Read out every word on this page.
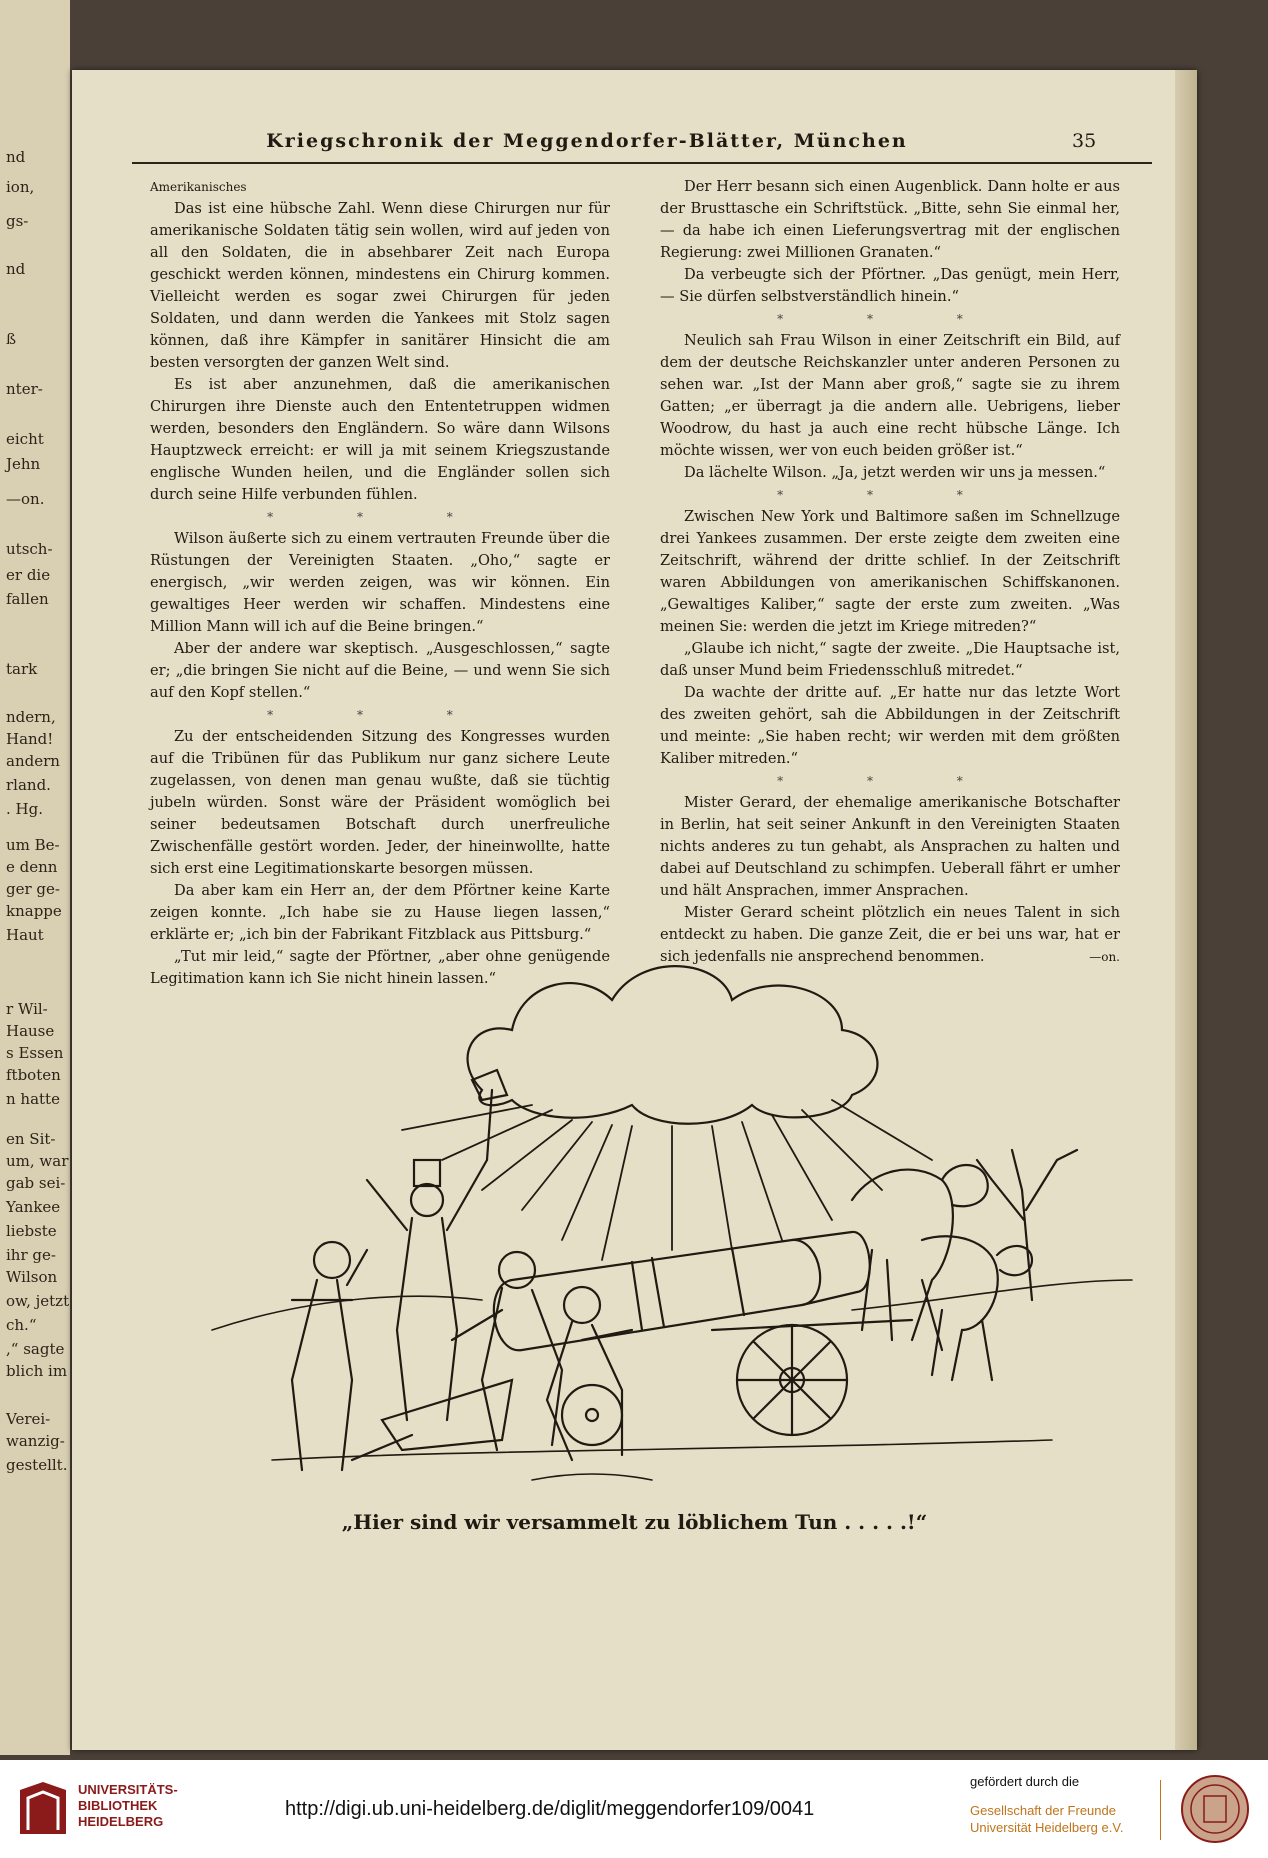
nd
ion,
gs-
nd
ß
nter-
eicht
Jehn
—on.
utsch-
er die
fallen
tark
ndern,
Hand!
andern
rland.
. Hg.
um Be-
e denn
ger ge-
knappe
Haut
r Wil-
Hause
s Essen
ftboten
n hatte
en Sit-
um, war
gab sei-
Yankee
liebste
ihr ge-
Wilson
ow, jetzt
ch.“
,“ sagte
blich im
Verei-
wanzig-
gestellt.
Kriegschronik der Meggendorfer-Blätter, München	35

Amerikanisches

Das ist eine hübsche Zahl. Wenn diese Chirurgen nur für amerikanische Soldaten tätig sein wollen, wird auf jeden von all den Soldaten, die in absehbarer Zeit nach Europa geschickt werden können, mindestens ein Chirurg kommen. Vielleicht werden es sogar zwei Chirurgen für jeden Soldaten, und dann werden die Yankees mit Stolz sagen können, daß ihre Kämpfer in sanitärer Hinsicht die am besten versorgten der ganzen Welt sind.

Es ist aber anzunehmen, daß die amerikanischen Chirurgen ihre Dienste auch den Ententetruppen widmen werden, besonders den Engländern. So wäre dann Wilsons Hauptzweck erreicht: er will ja mit seinem Kriegszustande englische Wunden heilen, und die Engländer sollen sich durch seine Hilfe verbunden fühlen.

* * *

Wilson äußerte sich zu einem vertrauten Freunde über die Rüstungen der Vereinigten Staaten. „Oho,“ sagte er energisch, „wir werden zeigen, was wir können. Ein gewaltiges Heer werden wir schaffen. Mindestens eine Million Mann will ich auf die Beine bringen.“

Aber der andere war skeptisch. „Ausgeschlossen,“ sagte er; „die bringen Sie nicht auf die Beine, — und wenn Sie sich auf den Kopf stellen.“

* * *

Zu der entscheidenden Sitzung des Kongresses wurden auf die Tribünen für das Publikum nur ganz sichere Leute zugelassen, von denen man genau wußte, daß sie tüchtig jubeln würden. Sonst wäre der Präsident womöglich bei seiner bedeutsamen Botschaft durch unerfreuliche Zwischenfälle gestört worden. Jeder, der hineinwollte, hatte sich erst eine Legitimationskarte besorgen müssen.

Da aber kam ein Herr an, der dem Pförtner keine Karte zeigen konnte. „Ich habe sie zu Hause liegen lassen,“ erklärte er; „ich bin der Fabrikant Fitzblack aus Pittsburg.“

„Tut mir leid,“ sagte der Pförtner, „aber ohne genügende Legitimation kann ich Sie nicht hinein lassen.“

Der Herr besann sich einen Augenblick. Dann holte er aus der Brusttasche ein Schriftstück. „Bitte, sehn Sie einmal her, — da habe ich einen Lieferungsvertrag mit der englischen Regierung: zwei Millionen Granaten.“

Da verbeugte sich der Pförtner. „Das genügt, mein Herr, — Sie dürfen selbstverständlich hinein.“

* * *

Neulich sah Frau Wilson in einer Zeitschrift ein Bild, auf dem der deutsche Reichskanzler unter anderen Personen zu sehen war. „Ist der Mann aber groß,“ sagte sie zu ihrem Gatten; „er überragt ja die andern alle. Uebrigens, lieber Woodrow, du hast ja auch eine recht hübsche Länge. Ich möchte wissen, wer von euch beiden größer ist.“

Da lächelte Wilson. „Ja, jetzt werden wir uns ja messen.“

* * *

Zwischen New York und Baltimore saßen im Schnellzuge drei Yankees zusammen. Der erste zeigte dem zweiten eine Zeitschrift, während der dritte schlief. In der Zeitschrift waren Abbildungen von amerikanischen Schiffskanonen. „Gewaltiges Kaliber,“ sagte der erste zum zweiten. „Was meinen Sie: werden die jetzt im Kriege mitreden?“

„Glaube ich nicht,“ sagte der zweite. „Die Hauptsache ist, daß unser Mund beim Friedensschluß mitredet.“

Da wachte der dritte auf. „Er hatte nur das letzte Wort des zweiten gehört, sah die Abbildungen in der Zeitschrift und meinte: „Sie haben recht; wir werden mit dem größten Kaliber mitreden.“

* * *

Mister Gerard, der ehemalige amerikanische Botschafter in Berlin, hat seit seiner Ankunft in den Vereinigten Staaten nichts anderes zu tun gehabt, als Ansprachen zu halten und dabei auf Deutschland zu schimpfen. Ueberall fährt er umher und hält Ansprachen, immer Ansprachen.

Mister Gerard scheint plötzlich ein neues Talent in sich entdeckt zu haben. Die ganze Zeit, die er bei uns war, hat er sich jedenfalls nie ansprechend benommen.	—on.

„Hier sind wir versammelt zu löblichem Tun . . . . .!“
UNIVERSITÄTS-
BIBLIOTHEK
HEIDELBERG
http://digi.ub.uni-heidelberg.de/diglit/meggendorfer109/0041
gefördert durch die
Gesellschaft der Freunde
Universität Heidelberg e.V.
